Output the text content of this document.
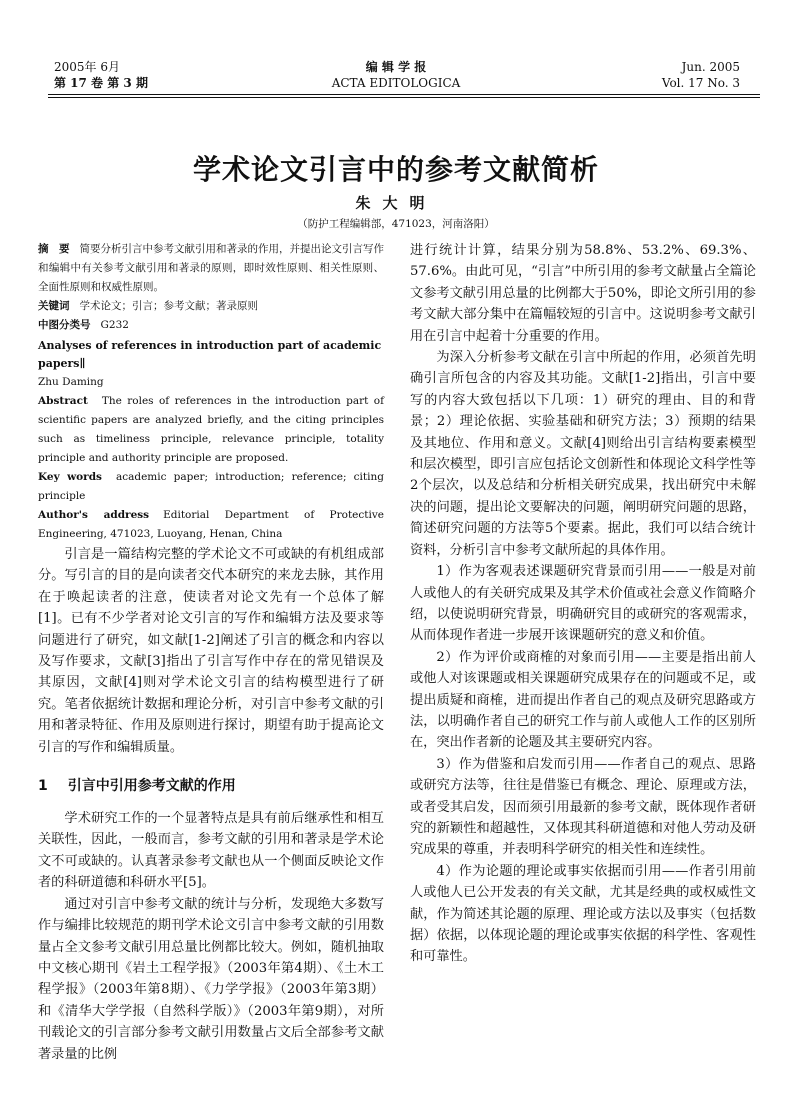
2005年 6月
第 17 卷 第 3 期
编 辑 学 报
ACTA EDITOLOGICA
Jun. 2005
Vol. 17 No. 3
学术论文引言中的参考文献简析
朱大明
（防护工程编辑部，471023，河南洛阳）
摘　要 简要分析引言中参考文献引用和著录的作用，并提出论文引言写作和编辑中有关参考文献引用和著录的原则，即时效性原则、相关性原则、全面性原则和权威性原则。
关键词 学术论文；引言；参考文献；著录原则
中图分类号 G232
Analyses of references in introduction part of academic papers∥
Zhu Daming
Abstract The roles of references in the introduction part of scientific papers are analyzed briefly, and the citing principles such as timeliness principle, relevance principle, totality principle and authority principle are proposed.
Key words academic paper; introduction; reference; citing principle
Author's address Editorial Department of Protective Engineering, 471023, Luoyang, Henan, China

引言是一篇结构完整的学术论文不可或缺的有机组成部分。写引言的目的是向读者交代本研究的来龙去脉，其作用在于唤起读者的注意，使读者对论文先有一个总体了解[1]。已有不少学者对论文引言的写作和编辑方法及要求等问题进行了研究，如文献[1-2]阐述了引言的概念和内容以及写作要求，文献[3]指出了引言写作中存在的常见错误及其原因，文献[4]则对学术论文引言的结构模型进行了研究。笔者依据统计数据和理论分析，对引言中参考文献的引用和著录特征、作用及原则进行探讨，期望有助于提高论文引言的写作和编辑质量。

1 引言中引用参考文献的作用

学术研究工作的一个显著特点是具有前后继承性和相互关联性，因此，一般而言，参考文献的引用和著录是学术论文不可或缺的。认真著录参考文献也从一个侧面反映论文作者的科研道德和科研水平[5]。

通过对引言中参考文献的统计与分析，发现绝大多数写作与编排比较规范的期刊学术论文引言中参考文献的引用数量占全文参考文献引用总量比例都比较大。例如，随机抽取中文核心期刊《岩土工程学报》（2003年第4期）、《土木工程学报》（2003年第8期）、《力学学报》（2003年第3期）和《清华大学学报（自然科学版）》（2003年第9期），对所刊载论文的引言部分参考文献引用数量占文后全部参考文献著录量的比例

进行统计计算，结果分别为58.8%、53.2%、69.3%、57.6%。由此可见，“引言”中所引用的参考文献量占全篇论文参考文献引用总量的比例都大于50%，即论文所引用的参考文献大部分集中在篇幅较短的引言中。这说明参考文献引用在引言中起着十分重要的作用。

为深入分析参考文献在引言中所起的作用，必须首先明确引言所包含的内容及其功能。文献[1-2]指出，引言中要写的内容大致包括以下几项：1）研究的理由、目的和背景；2）理论依据、实验基础和研究方法；3）预期的结果及其地位、作用和意义。文献[4]则给出引言结构要素模型和层次模型，即引言应包括论文创新性和体现论文科学性等2个层次，以及总结和分析相关研究成果，找出研究中未解决的问题，提出论文要解决的问题，阐明研究问题的思路，简述研究问题的方法等5个要素。据此，我们可以结合统计资料，分析引言中参考文献所起的具体作用。

1）作为客观表述课题研究背景而引用——一般是对前人或他人的有关研究成果及其学术价值或社会意义作简略介绍，以使说明研究背景，明确研究目的或研究的客观需求，从而体现作者进一步展开该课题研究的意义和价值。

2）作为评价或商榷的对象而引用——主要是指出前人或他人对该课题或相关课题研究成果存在的问题或不足，或提出质疑和商榷，进而提出作者自己的观点及研究思路或方法，以明确作者自己的研究工作与前人或他人工作的区别所在，突出作者新的论题及其主要研究内容。

3）作为借鉴和启发而引用——作者自己的观点、思路或研究方法等，往往是借鉴已有概念、理论、原理或方法，或者受其启发，因而须引用最新的参考文献，既体现作者研究的新颖性和超越性，又体现其科研道德和对他人劳动及研究成果的尊重，并表明科学研究的相关性和连续性。

4）作为论题的理论或事实依据而引用——作者引用前人或他人已公开发表的有关文献，尤其是经典的或权威性文献，作为简述其论题的原理、理论或方法以及事实（包括数据）依据，以体现论题的理论或事实依据的科学性、客观性和可靠性。
